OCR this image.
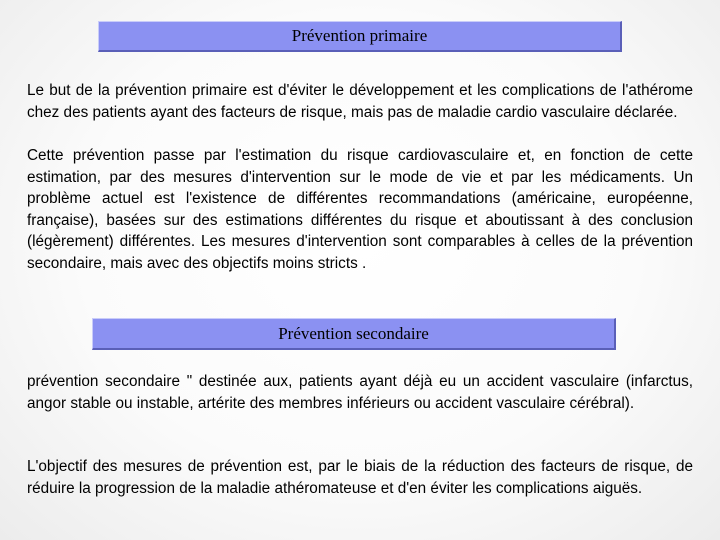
Prévention primaire

Le but de la prévention primaire est d'éviter le développement et les complications de l'athérome chez des patients ayant des facteurs de risque, mais pas de maladie cardio vasculaire déclarée.

Cette prévention passe par l'estimation du risque cardiovasculaire et, en fonction de cette estimation, par des mesures d'intervention sur le mode de vie et par les médicaments. Un problème actuel est l'existence de différentes recommandations (américaine, européenne, française), basées sur des estimations différentes du risque et aboutissant à des conclusion (légèrement) différentes. Les mesures d'intervention sont comparables à celles de la prévention secondaire, mais avec des objectifs moins stricts .

Prévention secondaire

prévention secondaire " destinée aux, patients ayant déjà eu un accident vasculaire (infarctus, angor stable ou instable, artérite des membres inférieurs ou accident vasculaire cérébral).

L'objectif des mesures de prévention est, par le biais de la réduction des facteurs de risque, de réduire la progression de la maladie athéromateuse et d'en éviter les complications aiguës.
